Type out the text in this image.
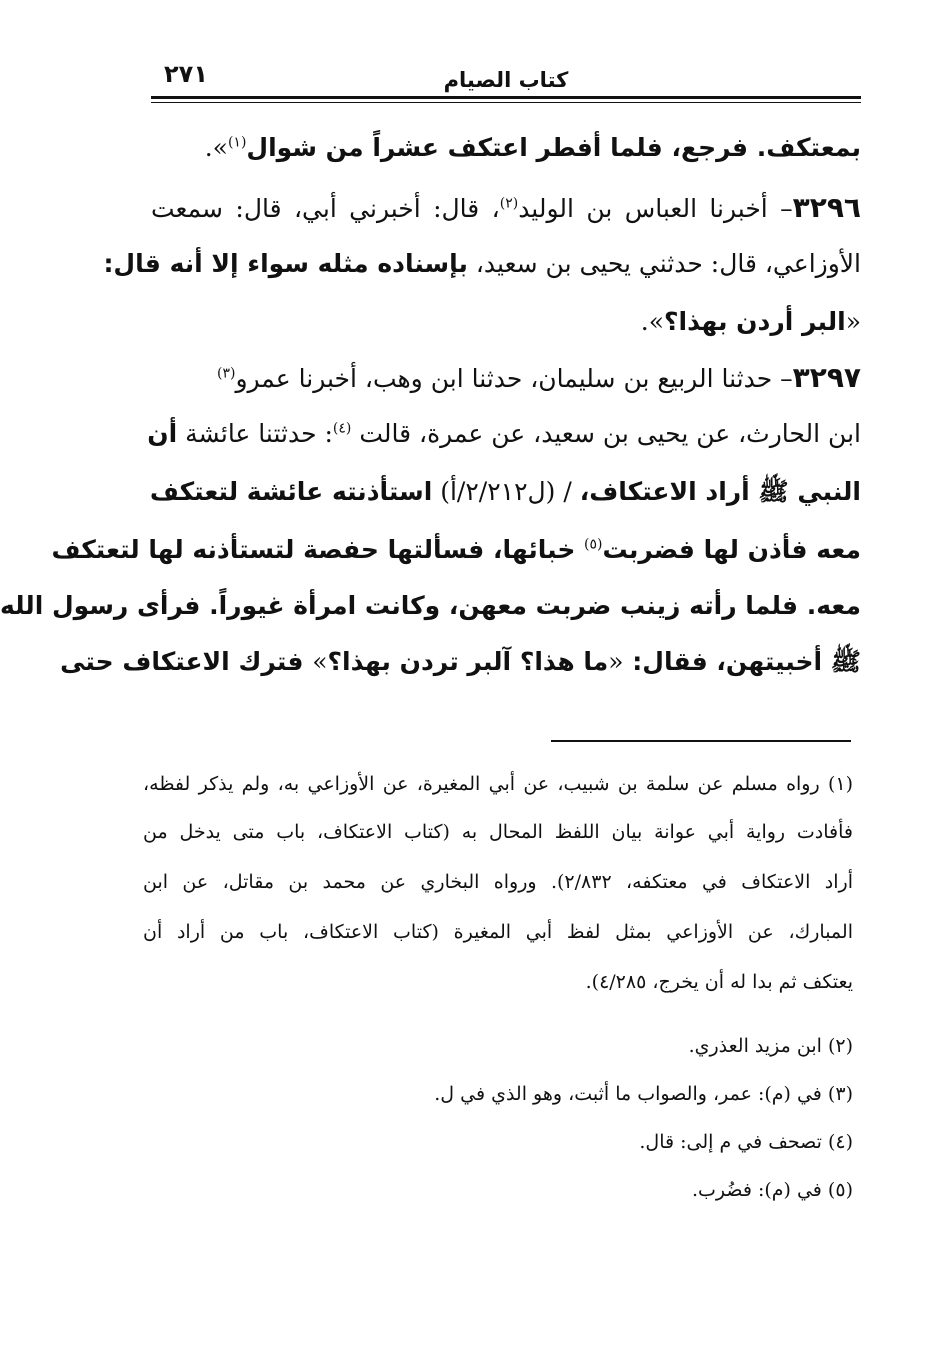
٢٧١	كتاب الصيام
بمعتكف. فرجع، فلما أفطر اعتكف عشراً من شوال$^{(١)}$».
٣٢٩٦– أخبرنا العباس بن الوليد$^{(٢)}$، قال: أخبرني أبي، قال: سمعت
الأوزاعي، قال: حدثني يحيى بن سعيد، بإسناده مثله سواء إلا أنه قال:
«البر أردن بهذا؟».
٣٢٩٧– حدثنا الربيع بن سليمان، حدثنا ابن وهب، أخبرنا عمرو$^{(٣)}$
ابن الحارث، عن يحيى بن سعيد، عن عمرة، قالت $^{(٤)}$: حدثتنا عائشة أن
النبي ﷺ أراد الاعتكاف، / (ل٢/٢١٢/أ) استأذنته عائشة لتعتكف
معه فأذن لها فضربت$^{(٥)}$ خبائها، فسألتها حفصة لتستأذنه لها لتعتكف
معه. فلما رأته زينب ضربت معهن، وكانت امرأة غيوراً. فرأى رسول الله
ﷺ أخبيتهن، فقال: «ما هذا؟ آلبر تردن بهذا؟» فترك الاعتكاف حتى
(١) رواه مسلم عن سلمة بن شبيب، عن أبي المغيرة، عن الأوزاعي به، ولم يذكر لفظه،
فأفادت رواية أبي عوانة بيان اللفظ المحال به (كتاب الاعتكاف، باب متى يدخل من
أراد الاعتكاف في معتكفه، ٢/٨٣٢). ورواه البخاري عن محمد بن مقاتل، عن ابن
المبارك، عن الأوزاعي بمثل لفظ أبي المغيرة (كتاب الاعتكاف، باب من أراد أن
يعتكف ثم بدا له أن يخرج، ٤/٢٨٥).
(٢) ابن مزيد العذري.
(٣) في (م): عمر، والصواب ما أثبت، وهو الذي في ل.
(٤) تصحف في م إلى: قال.
(٥) في (م): فضُرب.
